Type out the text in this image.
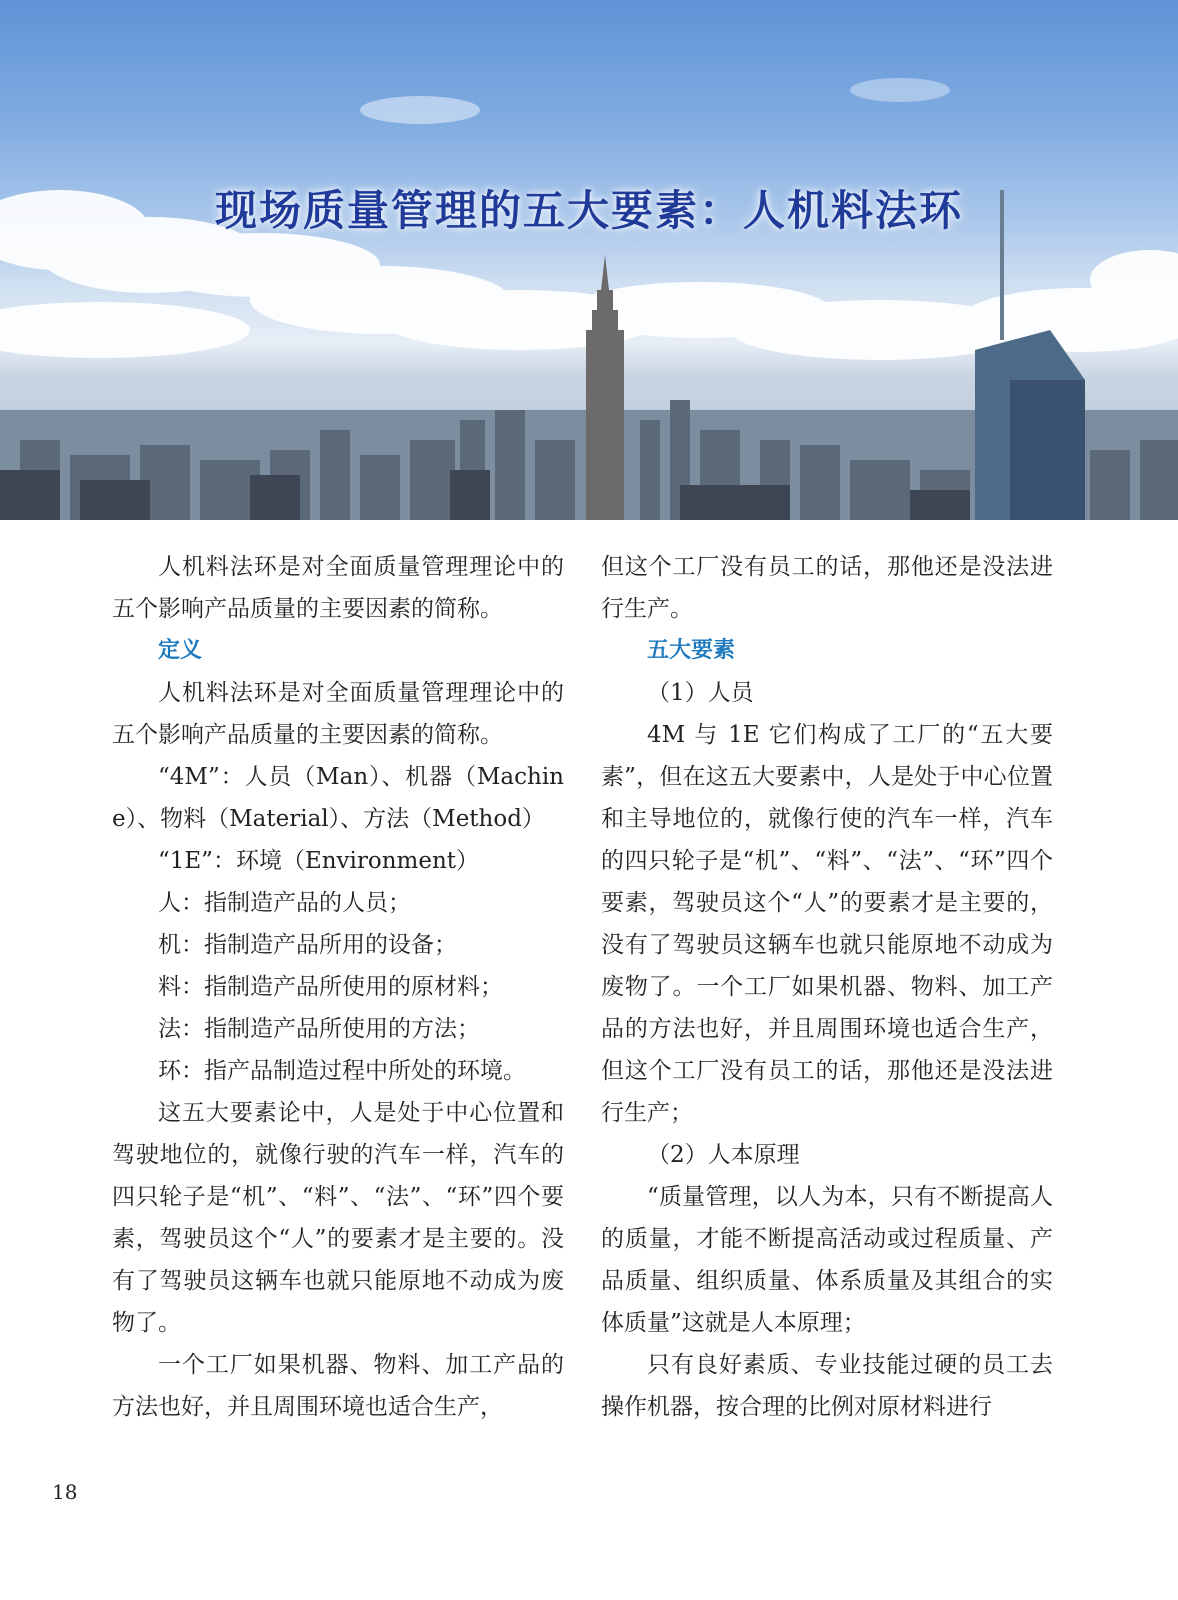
现场质量管理的五大要素：人机料法环

人机料法环是对全面质量管理理论中的五个影响产品质量的主要因素的简称。

定义

人机料法环是对全面质量管理理论中的五个影响产品质量的主要因素的简称。

“4M”：人员（Man）、机器（Machine）、物料（Material）、方法（Method）

“1E”：环境（Environment）

人：指制造产品的人员；

机：指制造产品所用的设备；

料：指制造产品所使用的原材料；

法：指制造产品所使用的方法；

环：指产品制造过程中所处的环境。

这五大要素论中，人是处于中心位置和驾驶地位的，就像行驶的汽车一样，汽车的四只轮子是“机”、“料”、“法”、“环”四个要素，驾驶员这个“人”的要素才是主要的。没有了驾驶员这辆车也就只能原地不动成为废物了。

一个工厂如果机器、物料、加工产品的方法也好，并且周围环境也适合生产，

但这个工厂没有员工的话，那他还是没法进行生产。

五大要素

（1）人员

4M 与 1E 它们构成了工厂的“五大要素”，但在这五大要素中，人是处于中心位置和主导地位的，就像行使的汽车一样，汽车的四只轮子是“机”、“料”、“法”、“环”四个要素，驾驶员这个“人”的要素才是主要的，没有了驾驶员这辆车也就只能原地不动成为废物了。一个工厂如果机器、物料、加工产品的方法也好，并且周围环境也适合生产，但这个工厂没有员工的话，那他还是没法进行生产；

（2）人本原理

“质量管理，以人为本，只有不断提高人的质量，才能不断提高活动或过程质量、产品质量、组织质量、体系质量及其组合的实体质量”这就是人本原理；

只有良好素质、专业技能过硬的员工去操作机器，按合理的比例对原材料进行

18
